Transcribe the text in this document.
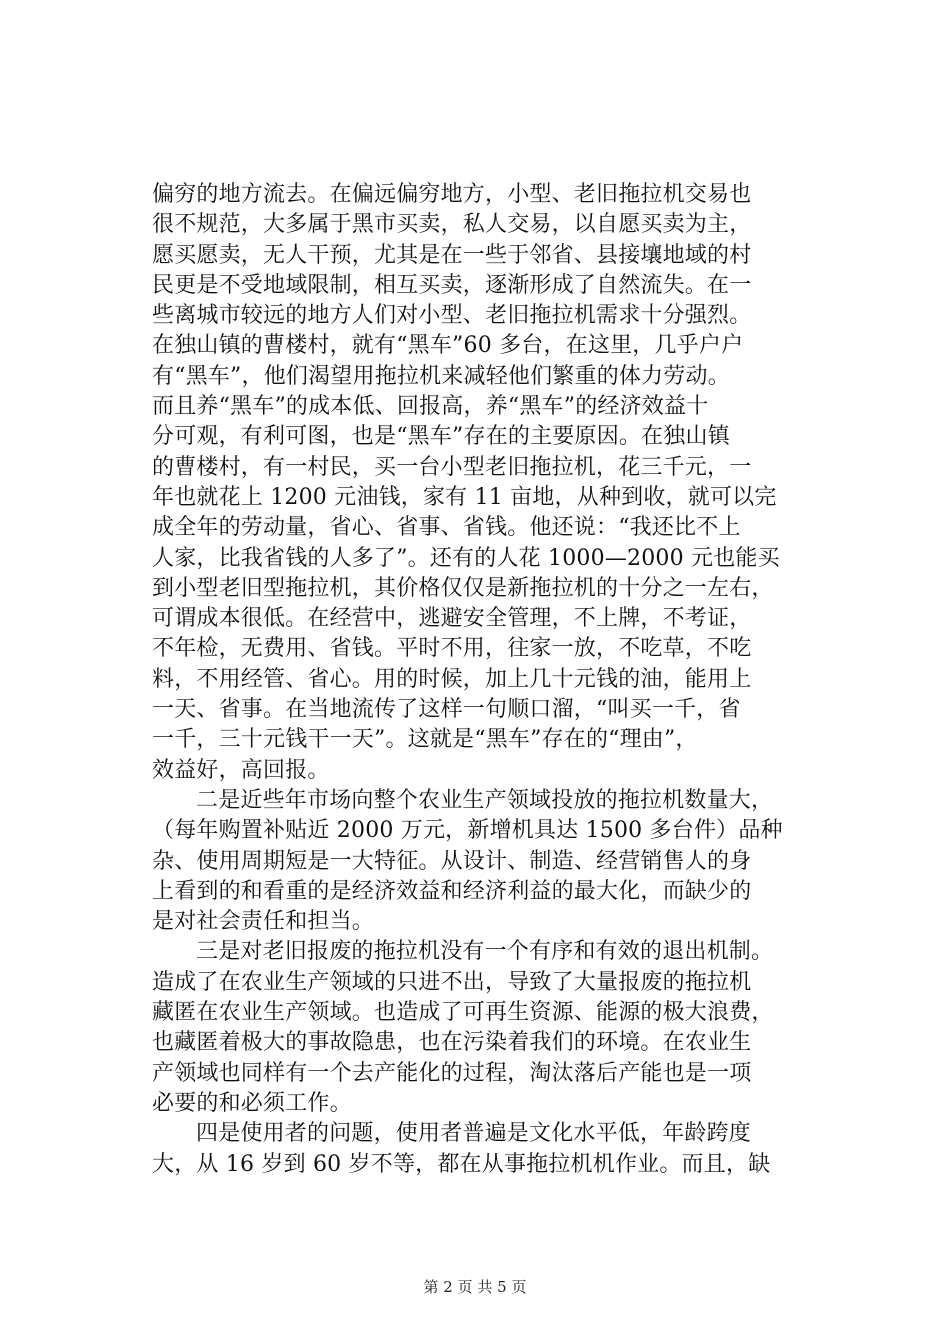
偏穷的地方流去。在偏远偏穷地方，小型、老旧拖拉机交易也
很不规范，大多属于黑市买卖，私人交易，以自愿买卖为主，
愿买愿卖，无人干预，尤其是在一些于邻省、县接壤地域的村
民更是不受地域限制，相互买卖，逐渐形成了自然流失。在一
些离城市较远的地方人们对小型、老旧拖拉机需求十分强烈。
在独山镇的曹楼村，就有“黑车”60 多台，在这里，几乎户户
有“黑车”，他们渴望用拖拉机来减轻他们繁重的体力劳动。
而且养“黑车”的成本低、回报高，养“黑车”的经济效益十
分可观，有利可图，也是“黑车”存在的主要原因。在独山镇
的曹楼村，有一村民，买一台小型老旧拖拉机，花三千元，一
年也就花上 1200 元油钱，家有 11 亩地，从种到收，就可以完
成全年的劳动量，省心、省事、省钱。他还说：“我还比不上
人家，比我省钱的人多了”。还有的人花 1000—2000 元也能买
到小型老旧型拖拉机，其价格仅仅是新拖拉机的十分之一左右，
可谓成本很低。在经营中，逃避安全管理，不上牌，不考证，
不年检，无费用、省钱。平时不用，往家一放，不吃草，不吃
料，不用经管、省心。用的时候，加上几十元钱的油，能用上
一天、省事。在当地流传了这样一句顺口溜，“叫买一千，省
一千，三十元钱干一天”。这就是“黑车”存在的“理由”，
效益好，高回报。
二是近些年市场向整个农业生产领域投放的拖拉机数量大，
（每年购置补贴近 2000 万元，新增机具达 1500 多台件）品种
杂、使用周期短是一大特征。从设计、制造、经营销售人的身
上看到的和看重的是经济效益和经济利益的最大化，而缺少的
是对社会责任和担当。
三是对老旧报废的拖拉机没有一个有序和有效的退出机制。
造成了在农业生产领域的只进不出，导致了大量报废的拖拉机
藏匿在农业生产领域。也造成了可再生资源、能源的极大浪费，
也藏匿着极大的事故隐患，也在污染着我们的环境。在农业生
产领域也同样有一个去产能化的过程，淘汰落后产能也是一项
必要的和必须工作。
四是使用者的问题，使用者普遍是文化水平低，年龄跨度
大，从 16 岁到 60 岁不等，都在从事拖拉机机作业。而且，缺
第 2 页 共 5 页
